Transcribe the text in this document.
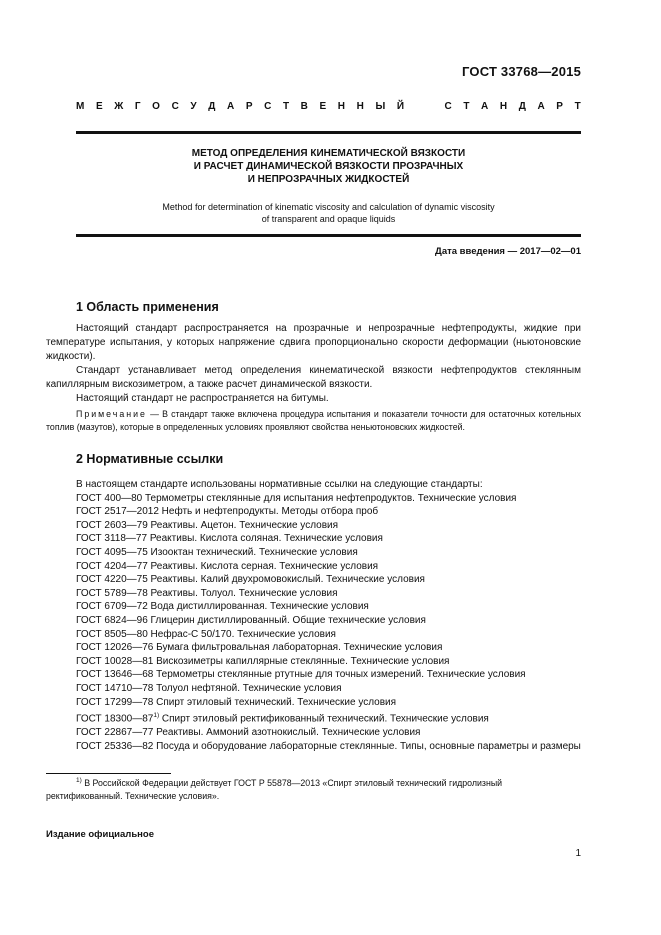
ГОСТ 33768—2015
М Е Ж Г О С У Д А Р С Т В Е Н Н Ы Й

	С Т А Н Д А Р Т
МЕТОД ОПРЕДЕЛЕНИЯ КИНЕМАТИЧЕСКОЙ ВЯЗКОСТИ
И РАСЧЕТ ДИНАМИЧЕСКОЙ ВЯЗКОСТИ ПРОЗРАЧНЫХ
И НЕПРОЗРАЧНЫХ ЖИДКОСТЕЙ
Method for determination of kinematic viscosity and calculation of dynamic viscosity
of transparent and opaque liquids
Дата введения — 2017—02—01
1 Область применения

Настоящий стандарт распространяется на прозрачные и непрозрачные нефтепродукты, жидкие при температуре испытания, у которых напряжение сдвига пропорционально скорости деформации (ньютоновские жидкости).

Стандарт устанавливает метод определения кинематической вязкости нефтепродуктов стеклянным капиллярным вискозиметром, а также расчет динамической вязкости.

Настоящий стандарт не распространяется на битумы.

Примечание — В стандарт также включена процедура испытания и показатели точности для остаточных котельных топлив (мазутов), которые в определенных условиях проявляют свойства неньютоновских жидкостей.

2 Нормативные ссылки
В настоящем стандарте использованы нормативные ссылки на следующие стандарты:
ГОСТ 400—80 Термометры стеклянные для испытания нефтепродуктов. Технические условия
ГОСТ 2517—2012 Нефть и нефтепродукты. Методы отбора проб
ГОСТ 2603—79 Реактивы. Ацетон. Технические условия
ГОСТ 3118—77 Реактивы. Кислота соляная. Технические условия
ГОСТ 4095—75 Изооктан технический. Технические условия
ГОСТ 4204—77 Реактивы. Кислота серная. Технические условия
ГОСТ 4220—75 Реактивы. Калий двухромовокислый. Технические условия
ГОСТ 5789—78 Реактивы. Толуол. Технические условия
ГОСТ 6709—72 Вода дистиллированная. Технические условия
ГОСТ 6824—96 Глицерин дистиллированный. Общие технические условия
ГОСТ 8505—80 Нефрас-С 50/170. Технические условия
ГОСТ 12026—76 Бумага фильтровальная лабораторная. Технические условия
ГОСТ 10028—81 Вискозиметры капиллярные стеклянные. Технические условия
ГОСТ 13646—68 Термометры стеклянные ртутные для точных измерений. Технические условия
ГОСТ 14710—78 Толуол нефтяной. Технические условия
ГОСТ 17299—78 Спирт этиловый технический. Технические условия
ГОСТ 18300—87$^{1)}$ Спирт этиловый ректификованный технический. Технические условия
ГОСТ 22867—77 Реактивы. Аммоний азотнокислый. Технические условия
ГОСТ 25336—82 Посуда и оборудование лабораторные стеклянные. Типы, основные параметры и размеры

$^{1)}$ В Российской Федерации действует ГОСТ Р 55878—2013 «Спирт этиловый технический гидролизный ректификованный. Технические условия».

Издание официальное
1
